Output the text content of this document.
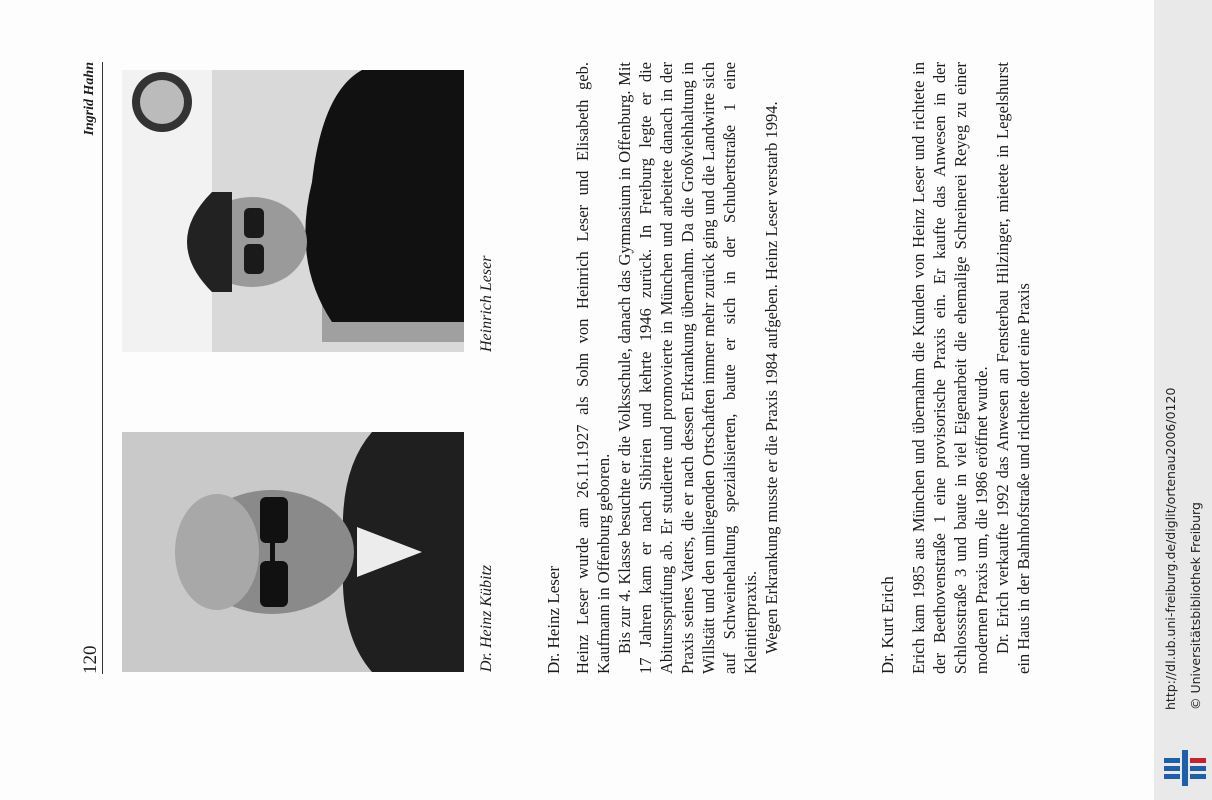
120
Ingrid Hahn
Dr. Heinz Kübitz
Heinrich Leser
Dr. Heinz Leser Heinz Leser wurde am 26.11.1927 als Sohn von Heinrich Leser und Elisabeth geb. Kaufmann in Offenburg geboren. Bis zur 4. Klasse besuchte er die Volksschule, danach das Gymnasium in Offenburg. Mit 17 Jahren kam er nach Sibirien und kehrte 1946 zurück. In Freiburg legte er die Abiturssprüfung ab. Er studierte und promovierte in München und arbeitete danach in der Praxis seines Vaters, die er nach dessen Erkrankung übernahm. Da die Großviehhaltung in Willstätt und den umliegenden Ortschaften immer mehr zurück ging und die Landwirte sich auf Schweinehaltung spezialisierten, baute er sich in der Schubertstraße 1 eine Kleintierpraxis. Wegen Erkrankung musste er die Praxis 1984 aufgeben. Heinz Leser verstarb 1994.	Dr. Kurt Erich Erich kam 1985 aus München und übernahm die Kunden von Heinz Leser und richtete in der Beethovenstraße 1 eine provisorische Praxis ein. Er kaufte das Anwesen in der Schlossstraße 3 und baute in viel Eigenarbeit die ehemalige Schreinerei Reyeg zu einer modernen Praxis um, die 1986 eröffnet wurde. Dr. Erich verkaufte 1992 das Anwesen an Fensterbau Hilzinger, mietete in Legelshurst ein Haus in der Bahnhofstraße und richtete dort eine Praxis	http://dl.ub.uni-freiburg.de/diglit/ortenau2006/0120 © Universitätsbibliothek Freiburg
